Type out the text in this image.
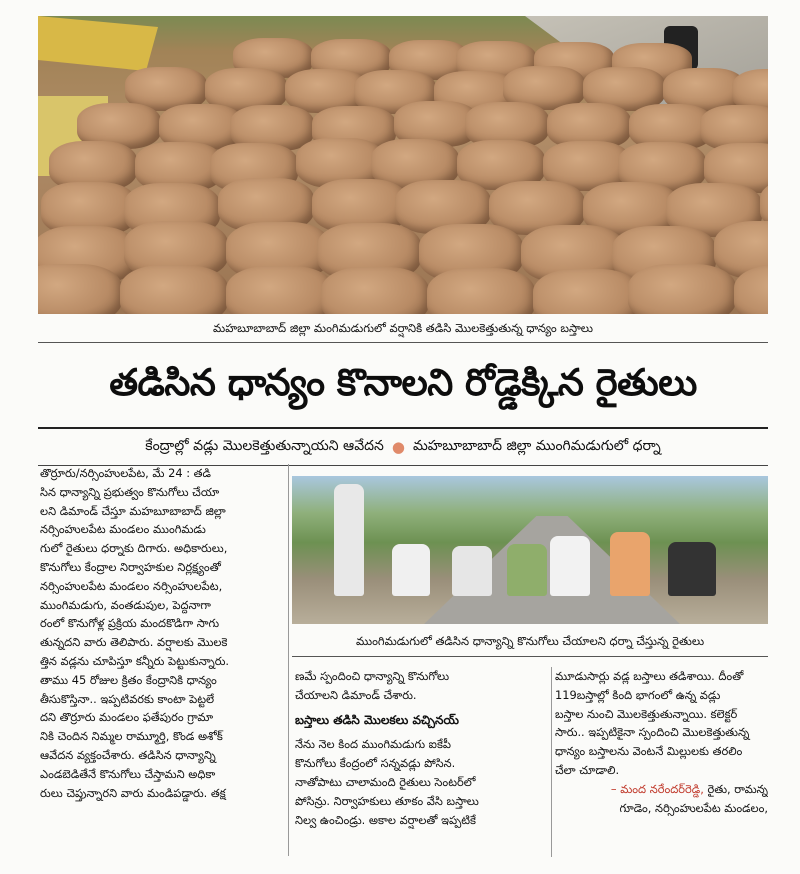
మహబూబాబాద్ జిల్లా మంగిమడుగులో వర్షానికి తడిసి మొలకెత్తుతున్న ధాన్యం బస్తాలు
తడిసిన ధాన్యం కొనాలని రోడ్డెక్కిన రైతులు
కేంద్రాల్లో వడ్లు మొలకెత్తుతున్నాయని ఆవేదన ● మహబూబాబాద్ జిల్లా ముంగిమడుగులో ధర్నా
తొర్రూరు/నర్సింహులపేట, మే 24 : తడి
సిన ధాన్యాన్ని ప్రభుత్వం కొనుగోలు చేయా
లని డిమాండ్ చేస్తూ మహబూబాబాద్ జిల్లా
నర్సింహులపేట మండలం ముంగిమడు
గులో రైతులు ధర్నాకు దిగారు. అధికారులు,
కొనుగోలు కేంద్రాల నిర్వాహకుల నిర్లక్ష్యంతో
నర్సింహులపేట మండలం నర్సింహులపేట,
ముంగిమడుగు, వంతడుపుల, పెద్దనాగా
రంలో కొనుగోళ్ల ప్రక్రియ మందకొడిగా సాగు
తున్నదని వారు తెలిపారు. వర్షాలకు మొలకె
త్తిన వడ్లను చూపిస్తూ కన్నీరు పెట్టుకున్నారు.
తాము 45 రోజుల క్రితం కేంద్రానికి ధాన్యం
తీసుకొస్తినా.. ఇప్పటివరకు కాంటా పెట్టలే
దని తొర్రూరు మండలం ఫతేపురం గ్రామా
నికి చెందిన నిమ్మల రామ్మూర్తి, కొండ అశోక్
ఆవేదన వ్యక్తంచేశారు. తడిసిన ధాన్యాన్ని
ఎండబెడితేనే కొనుగోలు చేస్తామని అధికా
రులు చెప్తున్నారని వారు మండిపడ్డారు. తక్ష
ముంగిమడుగులో తడిసిన ధాన్యాన్ని కొనుగోలు చేయాలని ధర్నా చేస్తున్న రైతులు
ణమే స్పందించి ధాన్యాన్ని కొనుగోలు
చేయాలని డిమాండ్ చేశారు.
బస్తాలు తడిసి మొలకలు వచ్చినయ్
నేను నెల కింద ముంగిమడుగు ఐకేపీ
కొనుగోలు కేంద్రంలో సన్నవడ్లు పోసిన.
నాతోపాటు చాలామంది రైతులు సెంటర్‌లో
పోసిన్రు. నిర్వాహకులు తూకం వేసి బస్తాలు
నిల్వ ఉంచిండ్రు. అకాల వర్షాలతో ఇప్పటికే
మూడుసార్లు వడ్ల బస్తాలు తడిశాయి. దీంతో
119బస్తాల్లో కింది భాగంలో ఉన్న వడ్లు
బస్తాల నుంచి మొలకెత్తుతున్నాయి. కలెక్టర్
సారు.. ఇప్పటికైనా స్పందించి మొలకెత్తుతున్న
ధాన్యం బస్తాలను వెంటనే మిల్లులకు తరలిం
చేలా చూడాలి.
– మంద నరేందర్‌రెడ్డి, రైతు, రామన్న
గూడెం, నర్సింహులపేట మండలం,
